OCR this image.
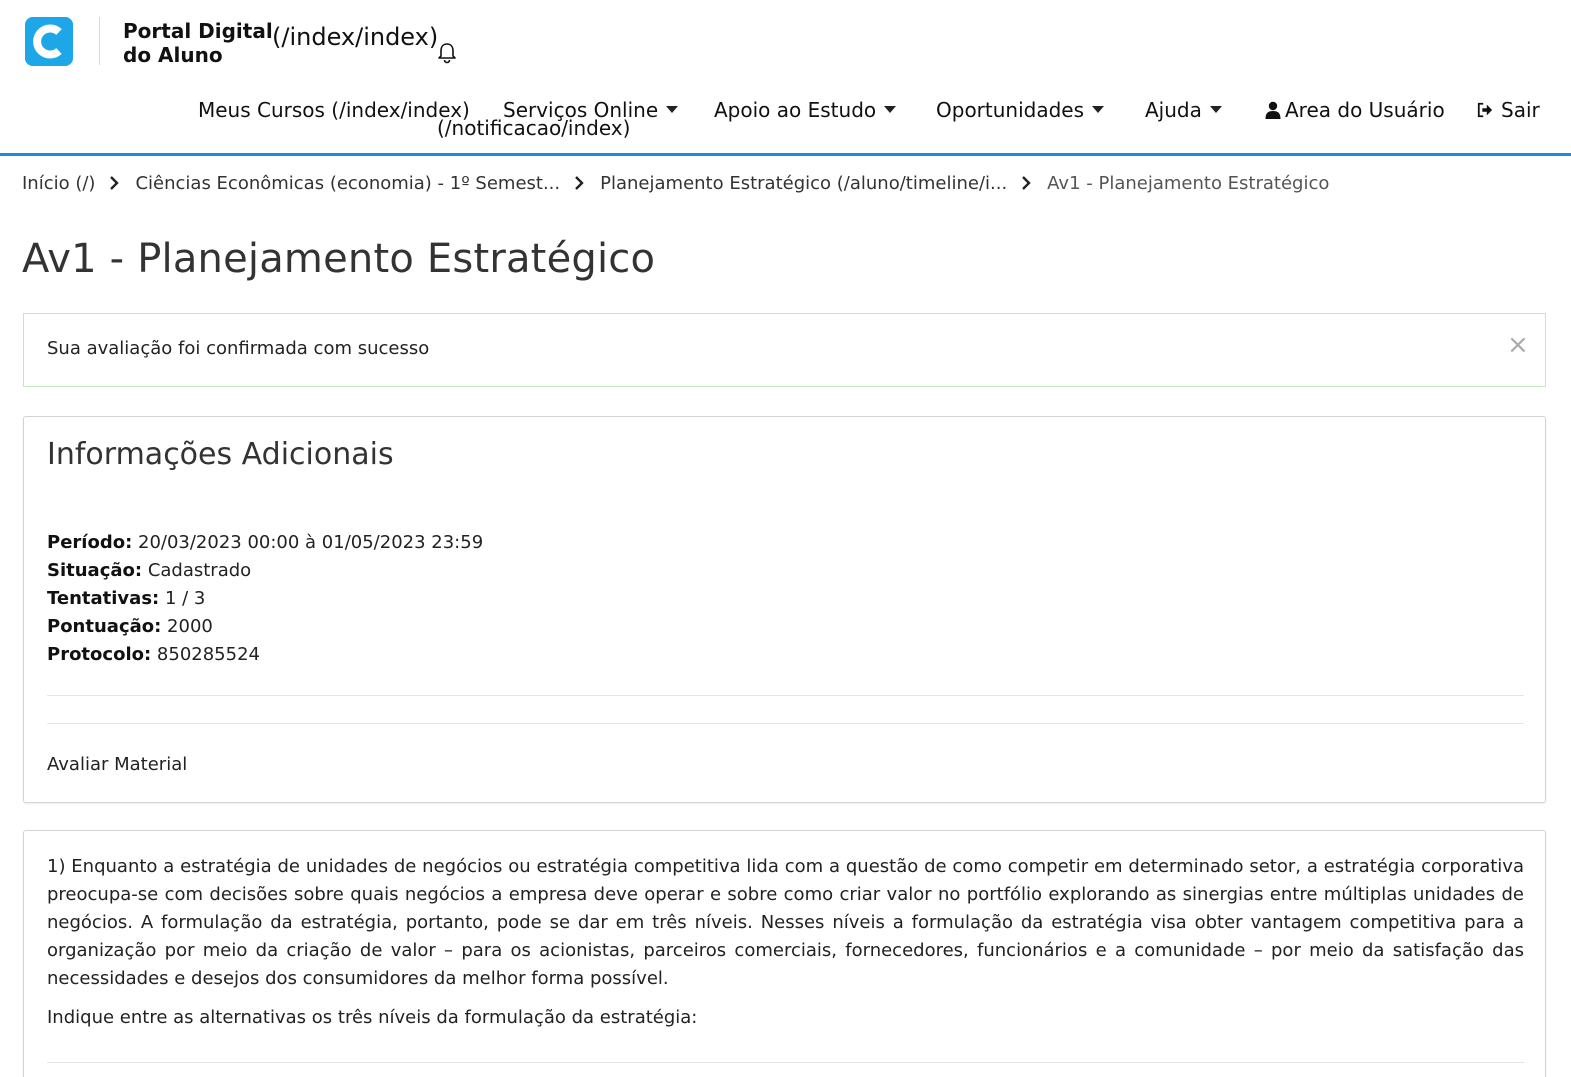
Portal Digital
do Aluno
(/index/index)
Meus Cursos (/index/index) Serviços Online
(/notificacao/index)
Apoio ao Estudo	Oportunidades	Ajuda	Area do Usuário	Sair
Início (/) Ciências Econômicas (economia) - 1º Semest... Planejamento Estratégico (/aluno/timeline/i... Av1 - Planejamento Estratégico
Av1 - Planejamento Estratégico
Sua avaliação foi confirmada com sucesso	×
Informações Adicionais
Período: 20/03/2023 00:00 à 01/05/2023 23:59
Situação: Cadastrado
Tentativas: 1 / 3
Pontuação: 2000
Protocolo: 850285524
Avaliar Material

1) Enquanto a estratégia de unidades de negócios ou estratégia competitiva lida com a questão de como competir em determinado setor, a estratégia corporativa preocupa-se com decisões sobre quais negócios a empresa deve operar e sobre como criar valor no portfólio explorando as sinergias entre múltiplas unidades de negócios. A formulação da estratégia, portanto, pode se dar em três níveis. Nesses níveis a formulação da estratégia visa obter vantagem competitiva para a organização por meio da criação de valor – para os acionistas, parceiros comerciais, fornecedores, funcionários e a comunidade – por meio da satisfação das necessidades e desejos dos consumidores da melhor forma possível.

Indique entre as alternativas os três níveis da formulação da estratégia:
